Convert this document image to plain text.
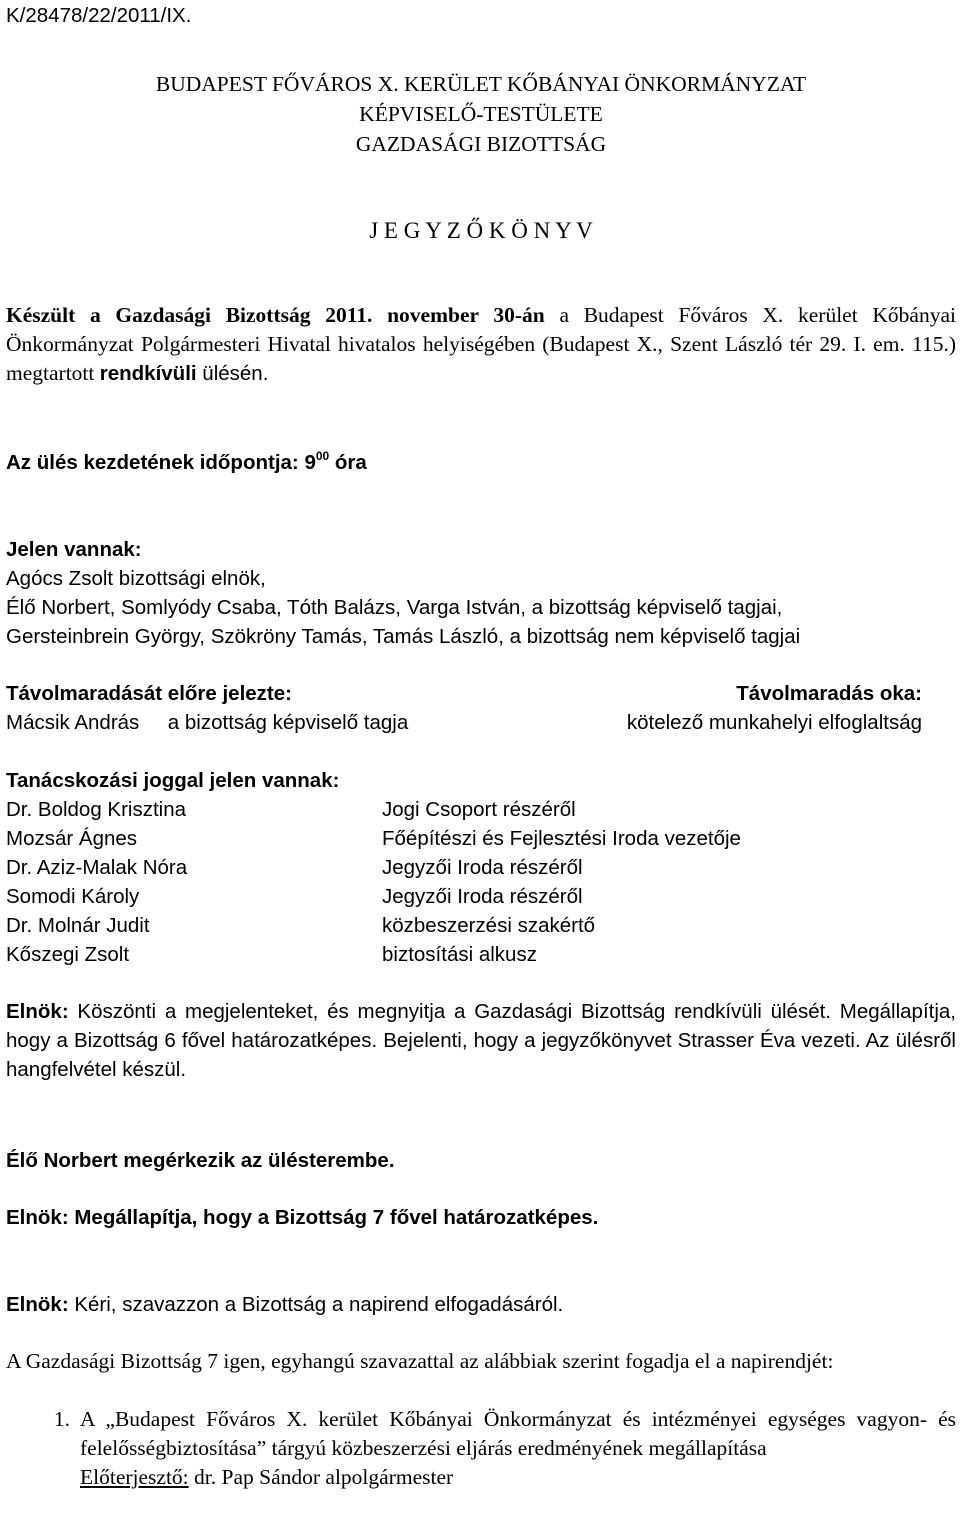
K/28478/22/2011/IX.
BUDAPEST FŐVÁROS X. KERÜLET KŐBÁNYAI ÖNKORMÁNYZAT
KÉPVISELŐ-TESTÜLETE
GAZDASÁGI BIZOTTSÁG
J E G Y Z Ő K Ö N Y V
Készült a Gazdasági Bizottság 2011. november 30-án a Budapest Főváros X. kerület Kőbányai Önkormányzat Polgármesteri Hivatal hivatalos helyiségében (Budapest X., Szent László tér 29. I. em. 115.) megtartott rendkívüli ülésén.
Az ülés kezdetének időpontja: $9^{00}$ óra
Jelen vannak:
Agócs Zsolt bizottsági elnök,
Élő Norbert, Somlyódy Csaba, Tóth Balázs, Varga István, a bizottság képviselő tagjai,
Gersteinbrein György, Szökröny Tamás, Tamás László, a bizottság nem képviselő tagjai
Távolmaradását előre jelezte:	Távolmaradás oka:
Mácsik András a bizottság képviselő tagja	kötelező munkahelyi elfoglaltság
Tanácskozási joggal jelen vannak:
Dr. Boldog Krisztina	Jogi Csoport részéről
Mozsár Ágnes	Főépítészi és Fejlesztési Iroda vezetője
Dr. Aziz-Malak Nóra	Jegyzői Iroda részéről
Somodi Károly	Jegyzői Iroda részéről
Dr. Molnár Judit	közbeszerzési szakértő
Kőszegi Zsolt	biztosítási alkusz
Elnök: Köszönti a megjelenteket, és megnyitja a Gazdasági Bizottság rendkívüli ülését. Megállapítja, hogy a Bizottság 6 fővel határozatképes. Bejelenti, hogy a jegyzőkönyvet Strasser Éva vezeti. Az ülésről hangfelvétel készül.
Élő Norbert megérkezik az ülésterembe.
Elnök: Megállapítja, hogy a Bizottság 7 fővel határozatképes.
Elnök: Kéri, szavazzon a Bizottság a napirend elfogadásáról.
A Gazdasági Bizottság 7 igen, egyhangú szavazattal az alábbiak szerint fogadja el a napirendjét:
1. A „Budapest Főváros X. kerület Kőbányai Önkormányzat és intézményei egységes vagyon- és felelősségbiztosítása” tárgyú közbeszerzési eljárás eredményének megállapítása
Előterjesztő: dr. Pap Sándor alpolgármester
